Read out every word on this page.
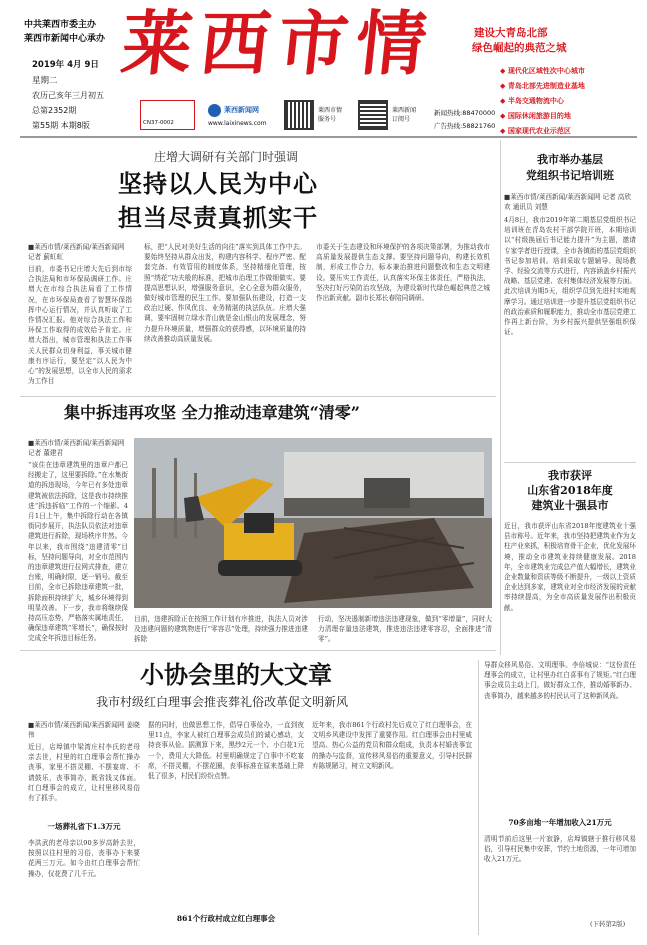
中共莱西市委主办
莱西市新闻中心承办
2019年 4月 9日
星期二
农历己亥年三月初五
总第2352期
第55期 本期8版
莱西市情	建设大青岛北部
绿色崛起的典范之城
◆ 现代化区域性次中心城市
◆ 青岛北部先进制造业基地
◆ 半岛交通物流中心
◆ 国际休闲旅游目的地
◆ 国家现代农业示范区
CN37-0002
莱西新闻网
www.laixinews.com
莱西市情 服务号
莱西新闻 订阅号
新闻热线:88470000
广告热线:58821760
庄增大调研有关部门时强调
坚持以人民为中心
担当尽责真抓实干
■莱西市情/莱西新闻/莱西新闻网 记者 蓟虹虹
目前，市委书记庄增大先后到市综合执法局和市环保局调研工作。庄增大在市综合执法局看了工作情况，在市环保局查看了智慧环保指挥中心运行情况，并认真听取了工作情况汇报。他对综合执法工作和环保工作取得的成效给予肯定。庄增大指出，城市管理和执法工作事关人民群众切身利益，事关城市健康有序运行，要坚定“以人民为中心”的发展思想，以全市人民的需求为工作目
标，把“人民对美好生活的向往”落实到具体工作中去。要始终坚持从群众出发，构建内容科学、程序严密、配套完备、有效管用的制度体系，坚持精细化管理，按照“绣花”功夫般的标准，把城市治理工作做细做实。要提高思想认识，增强服务意识，全心全意为群众服务，做好城市管理的民生工作。要加强队伍建设，打造一支政治过硬、作风优良、业务精湛的执法队伍。庄增大强调，要牢固树立绿水青山就是金山银山的发展理念，努力提升环境质量，增强群众的获得感，以环境质量的持续改善推动高质量发展。
市委关于生态建设和环境保护的各项决策部署，为推动我市高质量发展提供生态支撑。要坚持问题导向，构建长效机制，形成工作合力，标本兼治推进问题整改和生态文明建设。要压实工作责任，认真落实环保主体责任，严格执法，坚决打好污染防治攻坚战，为建设新时代绿色崛起典范之城作出新贡献。副市长郑长春陪同调研。
集中拆违再攻坚 全力推动违章建筑“清零”
■莱西市情/莱西新闻/莱西新闻网 记者 董建君
“该住在违章建筑里的违章户都已经搬走了，这里要拆除。”在水集街道的拆违现场，今年已有多处违章建筑被依法拆除，这是我市持续推进“拆违拆临”工作的一个缩影。4月1日上午，集中拆除行动在各镇街同步展开，执法队员依法对违章建筑进行拆除，现场秩序井然。今年以来，我市围绕“违建清零”目标，坚持问题导向，对全市范围内的违章建筑进行拉网式排查，建立台账，明确时限，逐一销号。截至目前，全市已拆除违章建筑一批，拆除面积持续扩大，城乡环境得到明显改善。下一步，我市将继续保持高压态势，严格落实属地责任，确保违章建筑“零增长”，确保按时完成全年拆违目标任务。
目前，违建拆除正在按照工作计划有序推进，执法人员对涉及违建问题的建筑物进行“零容忍”处理，持续强力推进违建拆除
行动，坚决遏制新增违法违建现象，做到“零增量”，同时大力清理存量违法建筑，推进违法违建零容忍，全面推进“清零”。
我市举办基层
党组织书记培训班
■莱西市情/莱西新闻/莱西新闻网 记者 高欣欢 通讯员 刘慧
4月8日，我市2019年第二期基层党组织书记培训班在青岛农村干部学院开班，本期培训以“村级换届后书记能力提升”为主题，邀请专家学者进行授课，全市各镇街的基层党组织书记参加培训。培训采取专题辅导、现场教学、经验交流等方式进行，内容涵盖乡村振兴战略、基层党建、农村集体经济发展等方面。此次培训为期5天，组织学员到先进村实地观摩学习。通过培训进一步提升基层党组织书记的政治素质和履职能力，推动全市基层党建工作再上新台阶，为乡村振兴提供坚强组织保证。
我市获评
山东省2018年度
建筑业十强县市
近日，我市获评山东省2018年度建筑业十强县市称号。近年来，我市坚持把建筑业作为支柱产业来抓，积极培育骨干企业，优化发展环境，推动全市建筑业持续健康发展。2018年，全市建筑业完成总产值大幅增长，建筑业企业数量和资质等级不断提升，一级以上资质企业达到多家，建筑业对全市经济发展的贡献率持续提高，为全市高质量发展作出积极贡献。
小协会里的大文章
我市村级红白理事会推丧葬礼俗改革促文明新风
■莱西市情/莱西新闻/莱西新闻网 姜晓伟
近日，店埠镇中梁湾庄村李氏的老母亲去世，村里的红白理事会帮忙操办丧事，家里不搭灵棚、不摆宴席、不请鼓乐，丧事简办，既省钱又体面。红白理事会的成立，让村里移风易俗有了抓手。
一场葬礼省下1.3万元
李洪武的老母亲以90多岁高龄去世，按照以往村里的习俗，丧事办下来要花两三万元。如今由红白理事会帮忙操办，仅花费了几千元。
据的同时，也做思想工作，倡导白事俭办，一直到夜里11点，李家人被红白理事会成员们的诚心感动，支持丧事从俭。据测算下来，黑纱2元一个、小白花1元一个，费用大大降低。村里明确规定了白事中不吃宴席，不搭灵棚，不摆花圈，丧事标准在原来基础上降低了很多，村民们纷纷点赞。
861个行政村成立红白理事会
近年来，我市861个行政村先后成立了红白理事会，在文明乡风建设中发挥了重要作用。红白理事会由村里威望高、热心公益的党员和群众组成，负责本村婚丧事宜的操办与监督，宣传移风易俗的重要意义，引导村民摒弃陈规陋习，树立文明新风。
导群众移风易俗、文明理事。李倍城说：“这份责任理事会的成立，让村里办红白喜事有了规矩。”红白理事会成员主动上门，做好群众工作，推动婚事新办、丧事简办，越来越多的村民认可了这种新风尚。
70多亩地一年增加收入21万元
清明节前后这里一片寂静，店埠镇辖于推行移风易俗，引导村民集中安葬，节约土地资源，一年可增加收入21万元。
(下转第2版)
